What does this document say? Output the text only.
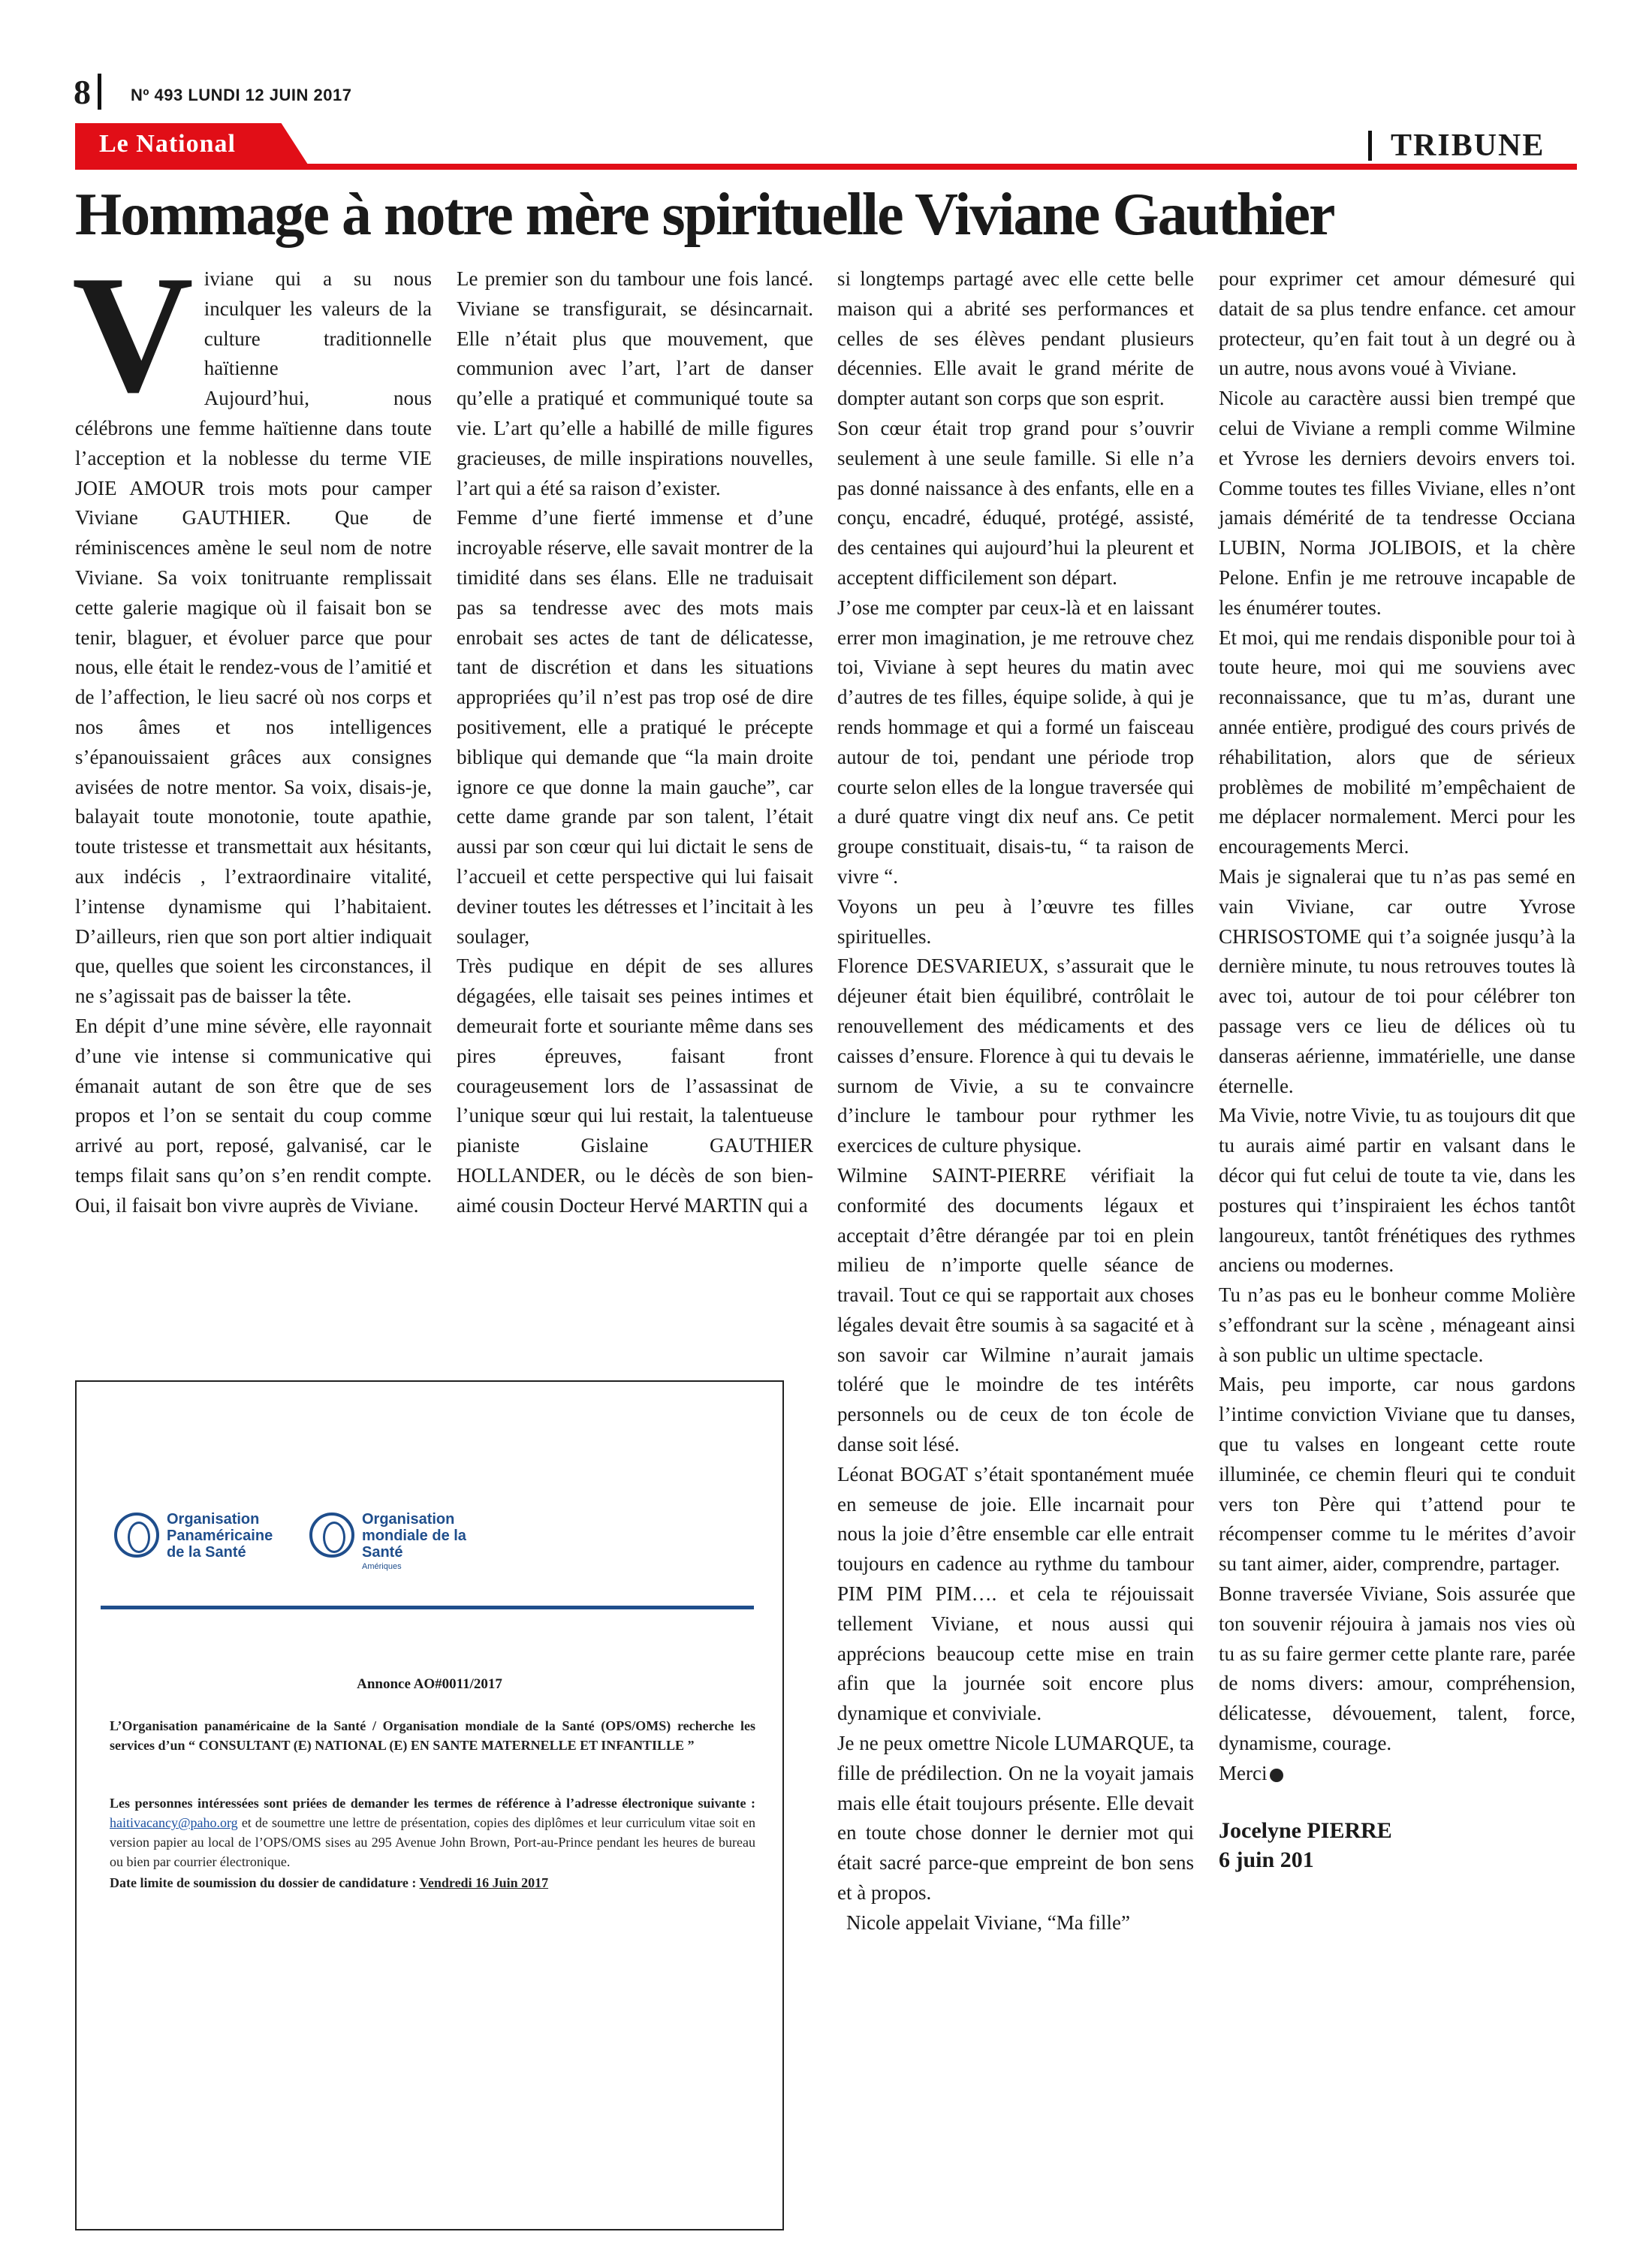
8 Nº 493 LUNDI 12 JUIN 2017
Le National	TRIBUNE
Hommage à notre mère spirituelle Viviane Gauthier
V iviane qui a su nous inculquer les valeurs de la culture traditionnelle haïtienne

Aujourd’hui, nous célébrons une femme haïtienne dans toute l’acception et la noblesse du terme VIE JOIE AMOUR trois mots pour camper Viviane GAUTHIER. Que de réminiscences amène le seul nom de notre Viviane. Sa voix tonitruante remplissait cette galerie magique où il faisait bon se tenir, blaguer, et évoluer parce que pour nous, elle était le rendez-vous de l’amitié et de l’affection, le lieu sacré où nos corps et nos âmes et nos intelligences s’épanouissaient grâces aux consignes avisées de notre mentor. Sa voix, disais-je, balayait toute monotonie, toute apathie, toute tristesse et transmettait aux hésitants, aux indécis , l’extraordinaire vitalité, l’intense dynamisme qui l’habitaient. D’ailleurs, rien que son port altier indiquait que, quelles que soient les circonstances, il ne s’agissait pas de baisser la tête.

En dépit d’une mine sévère, elle rayonnait d’une vie intense si communicative qui émanait autant de son être que de ses propos et l’on se sentait du coup comme arrivé au port, reposé, galvanisé, car le temps filait sans qu’on s’en rendit compte. Oui, il faisait bon vivre auprès de Viviane.

Le premier son du tambour une fois lancé. Viviane se transfigurait, se désincarnait. Elle n’était plus que mouvement, que communion avec l’art, l’art de danser qu’elle a pratiqué et communiqué toute sa vie. L’art qu’elle a habillé de mille figures gracieuses, de mille inspirations nouvelles, l’art qui a été sa raison d’exister.

Femme d’une fierté immense et d’une incroyable réserve, elle savait montrer de la timidité dans ses élans. Elle ne traduisait pas sa tendresse avec des mots mais enrobait ses actes de tant de délicatesse, tant de discrétion et dans les situations appropriées qu’il n’est pas trop osé de dire positivement, elle a pratiqué le précepte biblique qui demande que “la main droite ignore ce que donne la main gauche”, car cette dame grande par son talent, l’était aussi par son cœur qui lui dictait le sens de l’accueil et cette perspective qui lui faisait deviner toutes les détresses et l’incitait à les soulager,

Très pudique en dépit de ses allures dégagées, elle taisait ses peines intimes et demeurait forte et souriante même dans ses pires épreuves, faisant front courageusement lors de l’assassinat de l’unique sœur qui lui restait, la talentueuse pianiste Gislaine GAUTHIER HOLLANDER, ou le décès de son bien-aimé cousin Docteur Hervé MARTIN qui a

si longtemps partagé avec elle cette belle maison qui a abrité ses performances et celles de ses élèves pendant plusieurs décennies. Elle avait le grand mérite de dompter autant son corps que son esprit.

Son cœur était trop grand pour s’ouvrir seulement à une seule famille. Si elle n’a pas donné naissance à des enfants, elle en a conçu, encadré, éduqué, protégé, assisté, des centaines qui aujourd’hui la pleurent et acceptent difficilement son départ.

J’ose me compter par ceux-là et en laissant errer mon imagination, je me retrouve chez toi, Viviane à sept heures du matin avec d’autres de tes filles, équipe solide, à qui je rends hommage et qui a formé un faisceau autour de toi, pendant une période trop courte selon elles de la longue traversée qui a duré quatre vingt dix neuf ans. Ce petit groupe constituait, disais-tu, “ ta raison de vivre “.

Voyons un peu à l’œuvre tes filles spirituelles.

Florence DESVARIEUX, s’assurait que le déjeuner était bien équilibré, contrôlait le renouvellement des médicaments et des caisses d’ensure. Florence à qui tu devais le surnom de Vivie, a su te convaincre d’inclure le tambour pour rythmer les exercices de culture physique.

Wilmine SAINT-PIERRE vérifiait la conformité des documents légaux et acceptait d’être dérangée par toi en plein milieu de n’importe quelle séance de travail. Tout ce qui se rapportait aux choses légales devait être soumis à sa sagacité et à son savoir car Wilmine n’aurait jamais toléré que le moindre de tes intérêts personnels ou de ceux de ton école de danse soit lésé.

Léonat BOGAT s’était spontanément muée en semeuse de joie. Elle incarnait pour nous la joie d’être ensemble car elle entrait toujours en cadence au rythme du tambour PIM PIM PIM…. et cela te réjouissait tellement Viviane, et nous aussi qui apprécions beaucoup cette mise en train afin que la journée soit encore plus dynamique et conviviale.

Je ne peux omettre Nicole LUMARQUE, ta fille de prédilection. On ne la voyait jamais mais elle était toujours présente. Elle devait en toute chose donner le dernier mot qui était sacré parce-que empreint de bon sens et à propos.

Nicole appelait Viviane, “Ma fille”

pour exprimer cet amour démesuré qui datait de sa plus tendre enfance. cet amour protecteur, qu’en fait tout à un degré ou à un autre, nous avons voué à Viviane.

Nicole au caractère aussi bien trempé que celui de Viviane a rempli comme Wilmine et Yvrose les derniers devoirs envers toi. Comme toutes tes filles Viviane, elles n’ont jamais démérité de ta tendresse Occiana LUBIN, Norma JOLIBOIS, et la chère Pelone. Enfin je me retrouve incapable de les énumérer toutes.

Et moi, qui me rendais disponible pour toi à toute heure, moi qui me souviens avec reconnaissance, que tu m’as, durant une année entière, prodigué des cours privés de réhabilitation, alors que de sérieux problèmes de mobilité m’empêchaient de me déplacer normalement. Merci pour les encouragements Merci.

Mais je signalerai que tu n’as pas semé en vain Viviane, car outre Yvrose CHRISOSTOME qui t’a soignée jusqu’à la dernière minute, tu nous retrouves toutes là avec toi, autour de toi pour célébrer ton passage vers ce lieu de délices où tu danseras aérienne, immatérielle, une danse éternelle.

Ma Vivie, notre Vivie, tu as toujours dit que tu aurais aimé partir en valsant dans le décor qui fut celui de toute ta vie, dans les postures qui t’inspiraient les échos tantôt langoureux, tantôt frénétiques des rythmes anciens ou modernes.

Tu n’as pas eu le bonheur comme Molière s’effondrant sur la scène , ménageant ainsi à son public un ultime spectacle.

Mais, peu importe, car nous gardons l’intime conviction Viviane que tu danses, que tu valses en longeant cette route illuminée, ce chemin fleuri qui te conduit vers ton Père qui t’attend pour te récompenser comme tu le mérites d’avoir su tant aimer, aider, comprendre, partager.

Bonne traversée Viviane, Sois assurée que ton souvenir réjouira à jamais nos vies où tu as su faire germer cette plante rare, parée de noms divers: amour, compréhension, délicatesse, dévouement, talent, force, dynamisme, courage.

Merci

Jocelyne PIERRE

6 juin 201

Organisation Panaméricaine de la Santé
Organisation mondiale de la Santé
Amériques
Annonce AO#0011/2017
L’Organisation panaméricaine de la Santé / Organisation mondiale de la Santé (OPS/OMS) recherche les services d’un “ CONSULTANT (E) NATIONAL (E) EN SANTE MATERNELLE ET INFANTILLE ”
Les personnes intéressées sont priées de demander les termes de référence à l’adresse électronique suivante : haitivacancy@paho.org et de soumettre une lettre de présentation, copies des diplômes et leur curriculum vitae soit en version papier au local de l’OPS/OMS sises au 295 Avenue John Brown, Port-au-Prince pendant les heures de bureau ou bien par courrier électronique.
Date limite de soumission du dossier de candidature : Vendredi 16 Juin 2017
